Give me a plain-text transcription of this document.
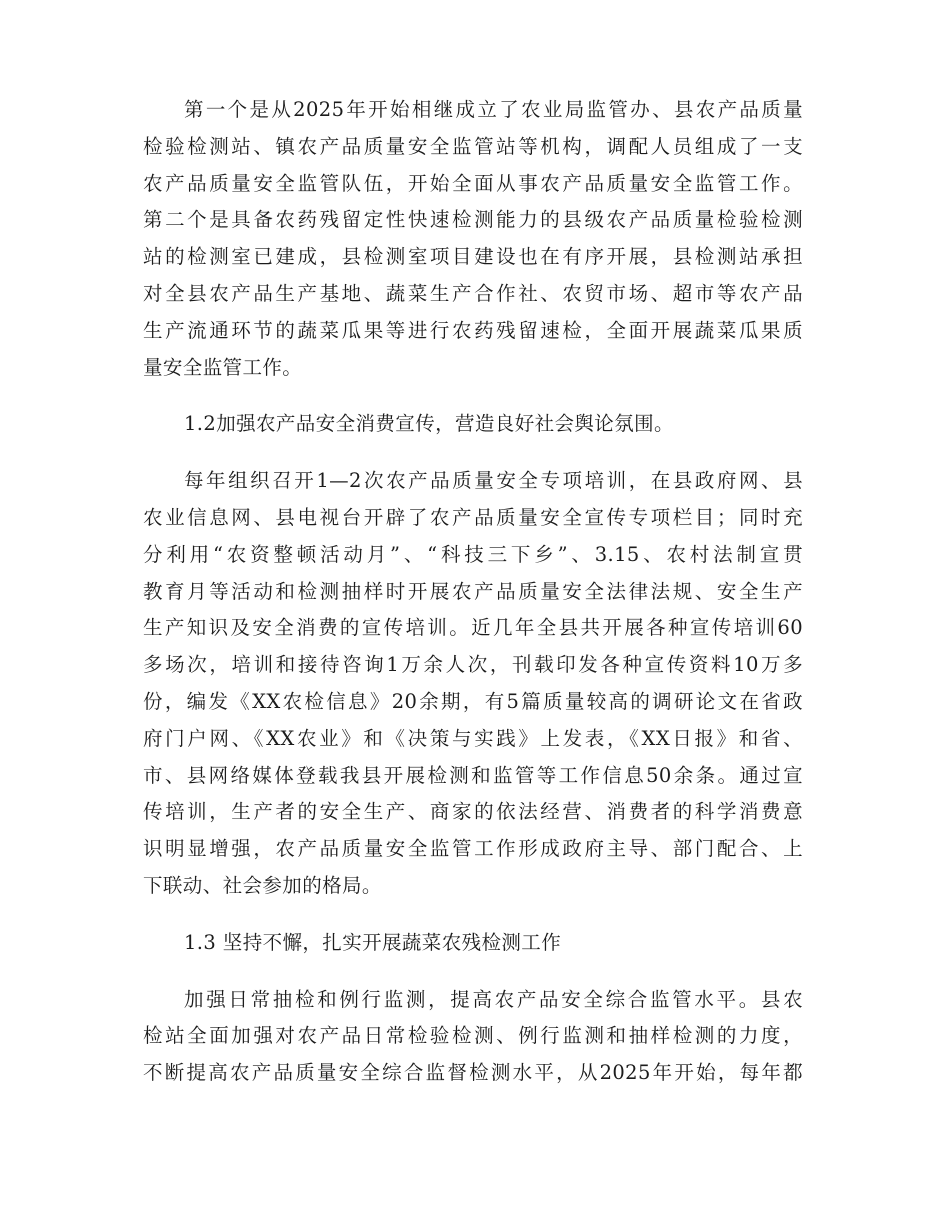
第一个是从2025年开始相继成立了农业局监管办、县农产品质量
检验检测站、镇农产品质量安全监管站等机构，调配人员组成了一支
农产品质量安全监管队伍，开始全面从事农产品质量安全监管工作。
第二个是具备农药残留定性快速检测能力的县级农产品质量检验检测
站的检测室已建成，县检测室项目建设也在有序开展，县检测站承担
对全县农产品生产基地、蔬菜生产合作社、农贸市场、超市等农产品
生产流通环节的蔬菜瓜果等进行农药残留速检，全面开展蔬菜瓜果质
量安全监管工作。
1.2加强农产品安全消费宣传，营造良好社会舆论氛围。
每年组织召开1—2次农产品质量安全专项培训，在县政府网、县
农业信息网、县电视台开辟了农产品质量安全宣传专项栏目；同时充
分利用“农资整顿活动月”、“科技三下乡”、3.15、农村法制宣贯
教育月等活动和检测抽样时开展农产品质量安全法律法规、安全生产
生产知识及安全消费的宣传培训。近几年全县共开展各种宣传培训60
多场次，培训和接待咨询1万余人次，刊载印发各种宣传资料10万多
份，编发《XX农检信息》20余期，有5篇质量较高的调研论文在省政
府门户网、《XX农业》和《决策与实践》上发表，《XX日报》和省、
市、县网络媒体登载我县开展检测和监管等工作信息50余条。通过宣
传培训，生产者的安全生产、商家的依法经营、消费者的科学消费意
识明显增强，农产品质量安全监管工作形成政府主导、部门配合、上
下联动、社会参加的格局。
1.3 坚持不懈，扎实开展蔬菜农残检测工作
加强日常抽检和例行监测，提高农产品安全综合监管水平。县农
检站全面加强对农产品日常检验检测、例行监测和抽样检测的力度，
不断提高农产品质量安全综合监督检测水平，从2025年开始，每年都
